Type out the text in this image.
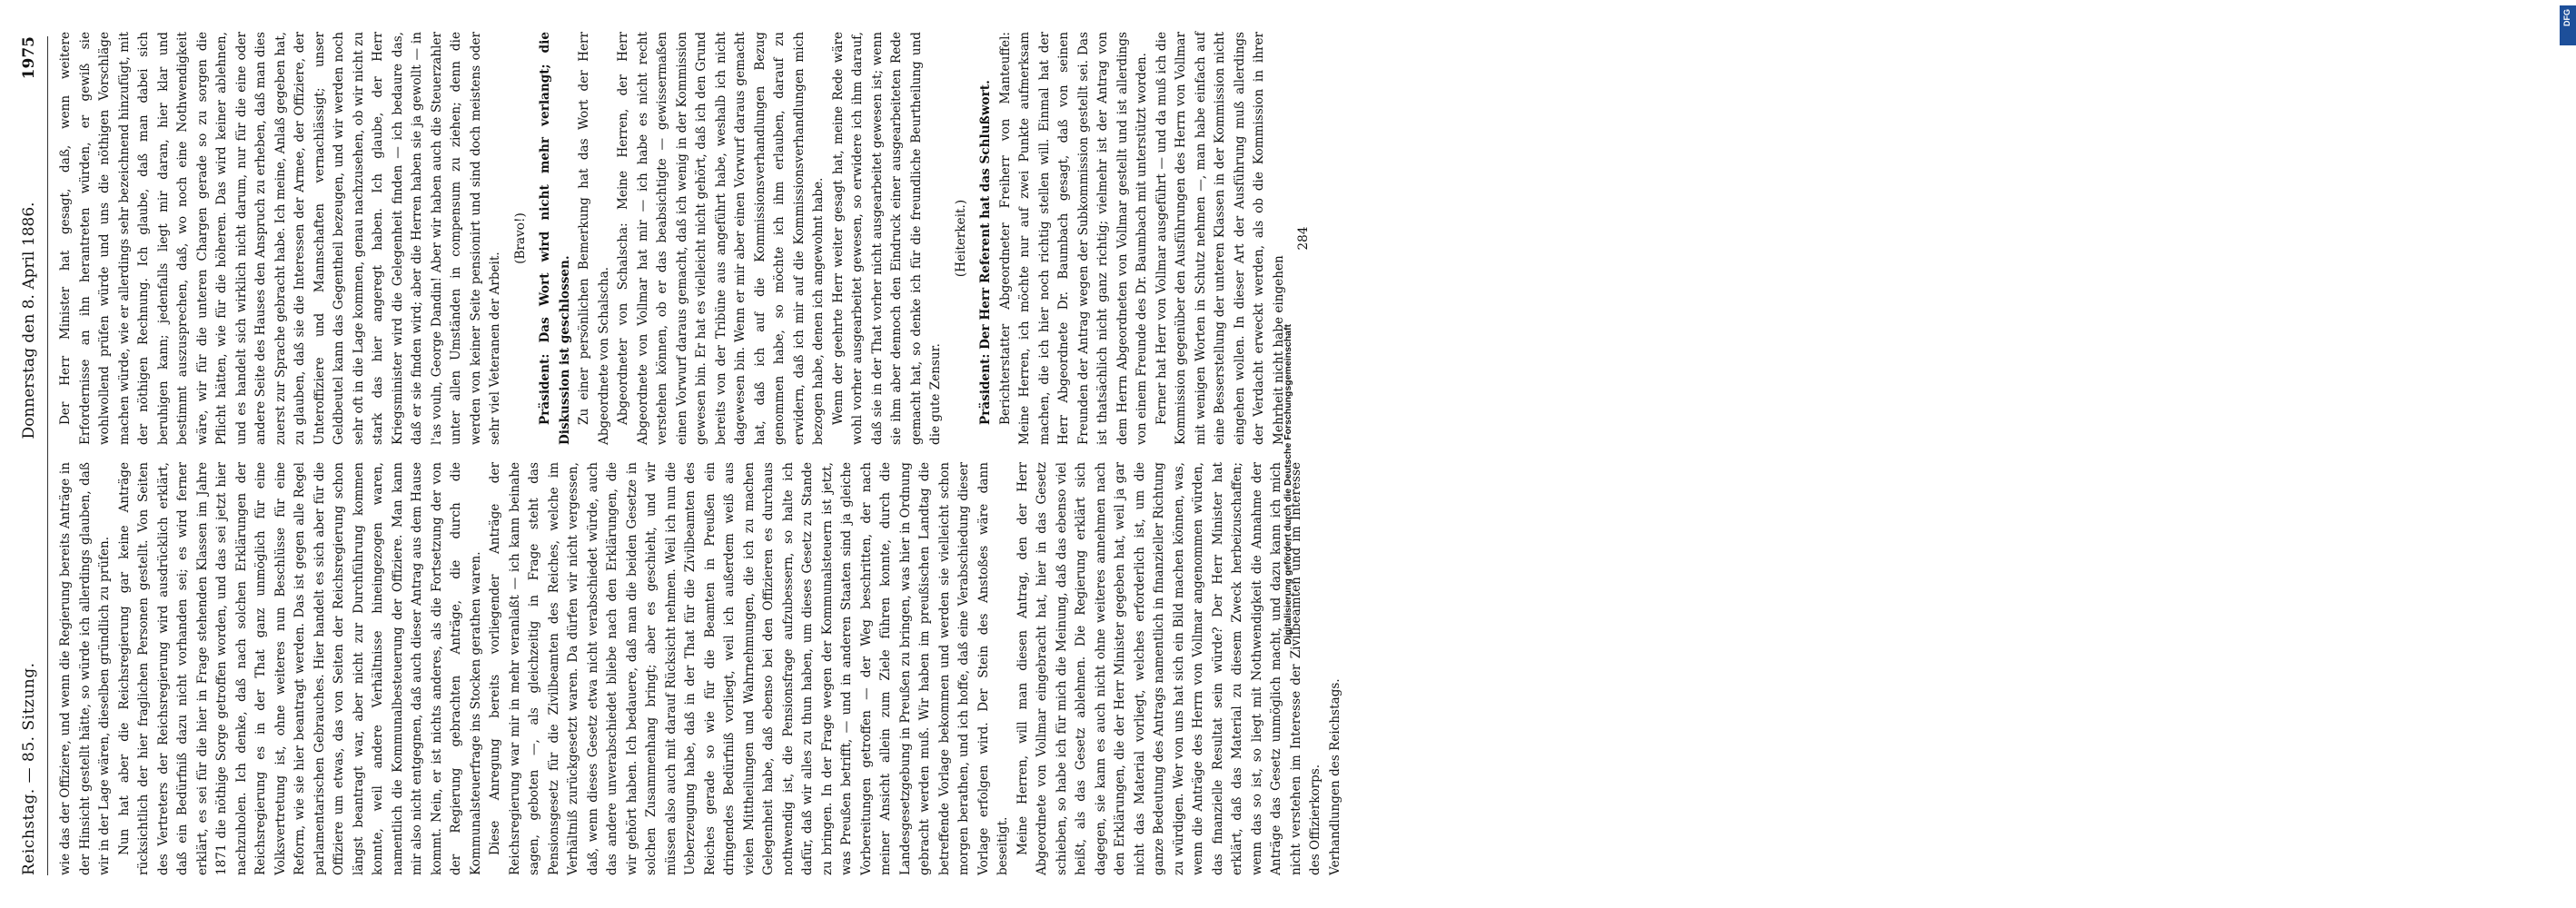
Reichstag. — 85. Sitzung.
Donnerstag den 8. April 1886.
1975

wie das der Offiziere, und wenn die Regierung bereits Anträge in der Hinsicht gestellt hätte, so würde ich allerdings glauben, daß wir in der Lage wären, dieselben gründlich zu prüfen. Nun hat aber die Reichsregierung gar keine Anträge rücksichtlich der hier fraglichen Personen gestellt. Von Seiten des Vertreters der Reichsregierung wird ausdrücklich erklärt, daß ein Bedürfniß dazu nicht vorhanden sei; es wird ferner erklärt, es sei für die hier in Frage stehenden Klassen im Jahre 1871 die nöthige Sorge getroffen worden, und das sei jetzt hier nachzuholen. Ich denke, daß nach solchen Erklärungen der Reichsregierung es in der That ganz unmöglich für eine Volksvertretung ist, ohne weiteres nun Beschlüsse für eine Reform, wie sie hier beantragt werden. Das ist gegen alle Regel parlamentarischen Gebrauches. Hier handelt es sich aber für die Offiziere um etwas, das von Seiten der Reichsregierung schon längst beantragt war, aber nicht zur Durchführung kommen konnte, weil andere Verhältnisse hineingezogen waren, namentlich die Kommunalbesteuerung der Offiziere. Man kann mir also nicht entgegnen, daß auch dieser Antrag aus dem Hause kommt. Nein, er ist nichts anderes, als die Fortsetzung der von der Regierung gebrachten Anträge, die durch die Kommunalsteuerfrage ins Stocken gerathen waren. Diese Anregung bereits vorliegender Anträge der Reichsregierung war mir in mehr veranlaßt — ich kann beinahe sagen, geboten —, als gleichzeitig in Frage steht das Pensionsgesetz für die Zivilbeamten des Reiches, welche im Verhältniß zurückgesetzt waren. Da dürfen wir nicht vergessen, daß, wenn dieses Gesetz etwa nicht verabschiedet würde, auch das andere unverabschiedet bliebe nach den Erklärungen, die wir gehört haben. Ich bedauere, daß man die beiden Gesetze in solchen Zusammenhang bringt; aber es geschieht, und wir müssen also auch mit darauf Rücksicht nehmen. Weil ich nun die Ueberzeugung habe, daß in der That für die Zivilbeamten des Reiches gerade so wie für die Beamten in Preußen ein dringendes Bedürfniß vorliegt, weil ich außerdem weiß aus vielen Mittheilungen und Wahrnehmungen, die ich zu machen Gelegenheit habe, daß ebenso bei den Offizieren es durchaus nothwendig ist, die Pensionsfrage aufzubessern, so halte ich dafür, daß wir alles zu thun haben, um dieses Gesetz zu Stande zu bringen. In der Frage wegen der Kommunalsteuern ist jetzt, was Preußen betrifft, — und in anderen Staaten sind ja gleiche Vorbereitungen getroffen — der Weg beschritten, der nach meiner Ansicht allein zum Ziele führen konnte, durch die Landesgesetzgebung in Preußen zu bringen, was hier in Ordnung gebracht werden muß. Wir haben im preußischen Landtag die betreffende Vorlage bekommen und werden sie vielleicht schon morgen berathen, und ich hoffe, daß eine Verabschiedung dieser Vorlage erfolgen wird. Der Stein des Anstoßes wäre dann beseitigt. Meine Herren, will man diesen Antrag, den der Herr Abgeordnete von Vollmar eingebracht hat, hier in das Gesetz schieben, so habe ich für mich die Meinung, daß das ebenso viel heißt, als das Gesetz ablehnen. Die Regierung erklärt sich dagegen, sie kann es auch nicht ohne weiteres annehmen nach den Erklärungen, die der Herr Minister gegeben hat, weil ja gar nicht das Material vorliegt, welches erforderlich ist, um die ganze Bedeutung des Antrags namentlich in finanzieller Richtung zu würdigen. Wer von uns hat sich ein Bild machen können, was, wenn die Anträge des Herrn von Vollmar angenommen würden, das finanzielle Resultat sein würde? Der Herr Minister hat erklärt, daß das Material zu diesem Zweck herbeizuschaffen; wenn das so ist, so liegt mit Nothwendigkeit die Annahme der Anträge das Gesetz unmöglich macht, und dazu kann ich mich nicht verstehen im Interesse der Zivilbeamten und im Interesse des Offizierkorps. Verhandlungen des Reichstags.

Der Herr Minister hat gesagt, daß, wenn weitere Erfordernisse an ihn herantreten würden, er gewiß sie wohlwollend prüfen würde und uns die nöthigen Vorschläge machen würde, wie er allerdings sehr bezeichnend hinzufügt, mit der nöthigen Rechnung. Ich glaube, daß man dabei sich beruhigen kann; jedenfalls liegt mir daran, hier klar und bestimmt auszusprechen, daß, wo noch eine Nothwendigkeit wäre, wir für die unteren Chargen gerade so zu sorgen die Pflicht hätten, wie für die höheren. Das wird keiner ablehnen, und es handelt sich wirklich nicht darum, nur für die eine oder andere Seite des Hauses den Anspruch zu erheben, daß man dies zuerst zur Sprache gebracht habe. Ich meine, Anlaß gegeben hat, zu glauben, daß sie die Interessen der Armee, der Offiziere, der Unteroffiziere und Mannschaften vernachlässigt; unser Geldbeutel kann das Gegentheil bezeugen, und wir werden noch sehr oft in die Lage kommen, genau nachzusehen, ob wir nicht zu stark das hier angeregt haben. Ich glaube, der Herr Kriegsminister wird die Gelegenheit finden — ich bedaure das, daß er sie finden wird; aber die Herren haben sie ja gewollt — in l'as vouln, George Dandin! Aber wir haben auch die Steuerzahler unter allen Umständen in compensum zu ziehen; denn die werden von keiner Seite pensionirt und sind doch meistens oder sehr viel Veteranen der Arbeit.

(Bravo!) Präsident: Das Wort wird nicht mehr verlangt; die Diskussion ist geschlossen. Zu einer persönlichen Bemerkung hat das Wort der Herr Abgeordnete von Schalscha. Abgeordneter von Schalscha: Meine Herren, der Herr Abgeordnete von Vollmar hat mir — ich habe es nicht recht verstehen können, ob er das beabsichtigte — gewissermaßen einen Vorwurf daraus gemacht, daß ich wenig in der Kommission gewesen bin. Er hat es vielleicht nicht gehört, daß ich den Grund bereits von der Tribüne aus angeführt habe, weshalb ich nicht dagewesen bin. Wenn er mir aber einen Vorwurf daraus gemacht hat, daß ich auf die Kommissionsverhandlungen Bezug genommen habe, so möchte ich ihm erlauben, darauf zu erwidern, daß ich mir auf die Kommissionsverhandlungen mich bezogen habe, denen ich angewohnt habe. Wenn der geehrte Herr weiter gesagt hat, meine Rede wäre wohl vorher ausgearbeitet gewesen, so erwidere ich ihm darauf, daß sie in der That vorher nicht ausgearbeitet gewesen ist; wenn sie ihm aber dennoch den Eindruck einer ausgearbeiteten Rede gemacht hat, so denke ich für die freundliche Beurtheilung und die gute Zensur.

(Heiterkeit.) Präsident: Der Herr Referent hat das Schlußwort. Berichterstatter Abgeordneter Freiherr von Manteuffel: Meine Herren, ich möchte nur auf zwei Punkte aufmerksam machen, die ich hier noch richtig stellen will. Einmal hat der Herr Abgeordnete Dr. Baumbach gesagt, daß von seinen Freunden der Antrag wegen der Subkommission gestellt sei. Das ist thatsächlich nicht ganz richtig; vielmehr ist der Antrag von dem Herrn Abgeordneten von Vollmar gestellt und ist allerdings von einem Freunde des Dr. Baumbach mit unterstützt worden. Ferner hat Herr von Vollmar ausgeführt — und da muß ich die Kommission gegenüber den Ausführungen des Herrn von Vollmar mit wenigen Worten in Schutz nehmen —, man habe einfach auf eine Besserstellung der unteren Klassen in der Kommission nicht eingehen wollen. In dieser Art der Ausführung muß allerdings der Verdacht erweckt werden, als ob die Kommission in ihrer Mehrheit nicht habe eingehen

284

DFG
Digitalisierung gefördert durch die Deutsche Forschungsgemeinschaft
